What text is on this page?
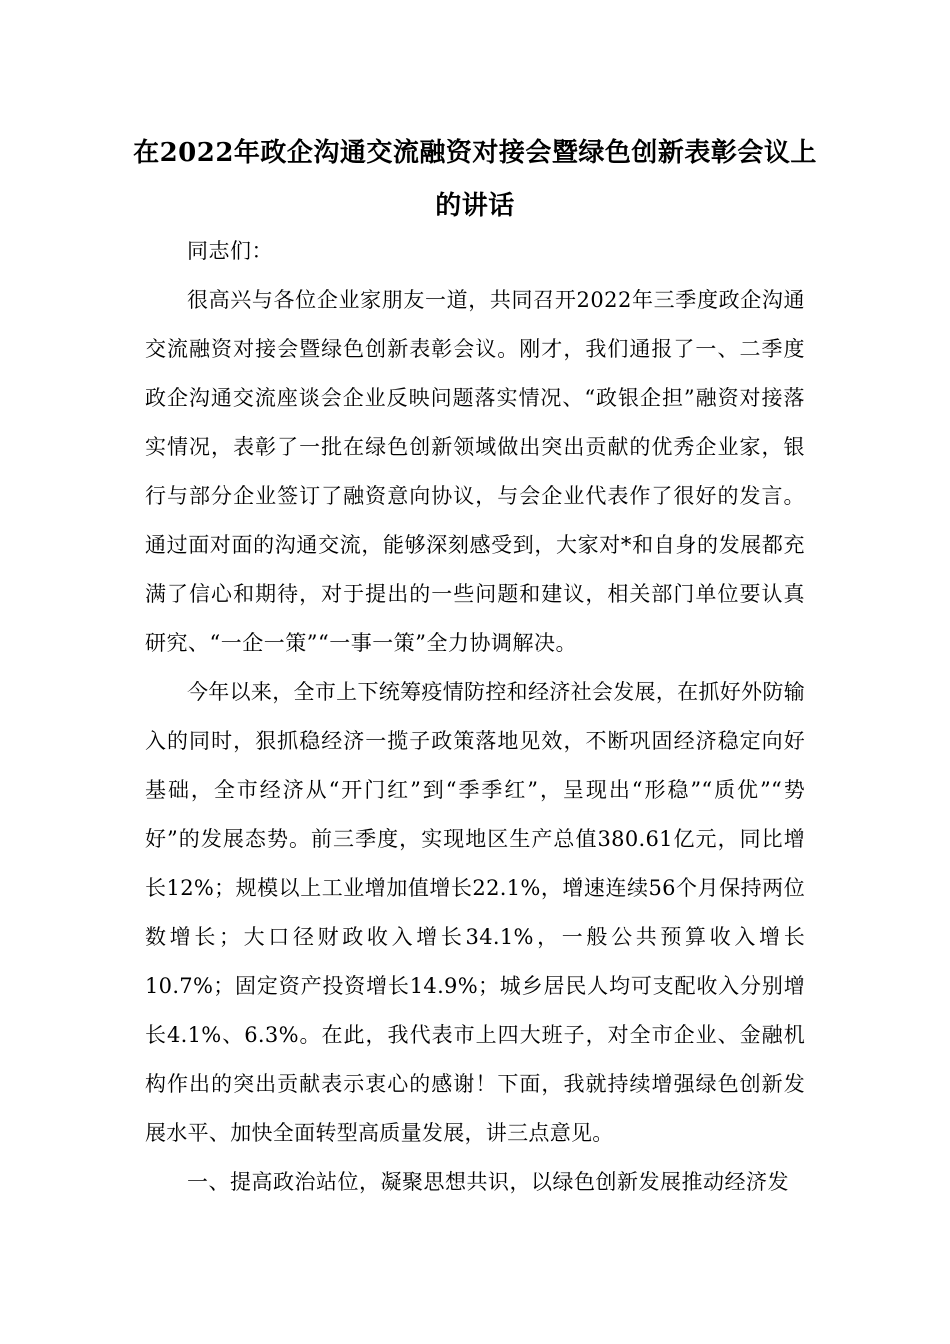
在2022年政企沟通交流融资对接会暨绿色创新表彰会议上的讲话

同志们：

很高兴与各位企业家朋友一道，共同召开2022年三季度政企沟通交流融资对接会暨绿色创新表彰会议。刚才，我们通报了一、二季度政企沟通交流座谈会企业反映问题落实情况、“政银企担”融资对接落实情况，表彰了一批在绿色创新领域做出突出贡献的优秀企业家，银行与部分企业签订了融资意向协议，与会企业代表作了很好的发言。通过面对面的沟通交流，能够深刻感受到，大家对*和自身的发展都充满了信心和期待，对于提出的一些问题和建议，相关部门单位要认真研究、“一企一策”“一事一策”全力协调解决。

今年以来，全市上下统筹疫情防控和经济社会发展，在抓好外防输入的同时，狠抓稳经济一揽子政策落地见效，不断巩固经济稳定向好基础，全市经济从“开门红”到“季季红”，呈现出“形稳”“质优”“势好”的发展态势。前三季度，实现地区生产总值380.61亿元，同比增长12%；规模以上工业增加值增长22.1%，增速连续56个月保持两位数增长；大口径财政收入增长34.1%，一般公共预算收入增长10.7%；固定资产投资增长14.9%；城乡居民人均可支配收入分别增长4.1%、6.3%。在此，我代表市上四大班子，对全市企业、金融机构作出的突出贡献表示衷心的感谢！下面，我就持续增强绿色创新发展水平、加快全面转型高质量发展，讲三点意见。

一、提高政治站位，凝聚思想共识，以绿色创新发展推动经济发
